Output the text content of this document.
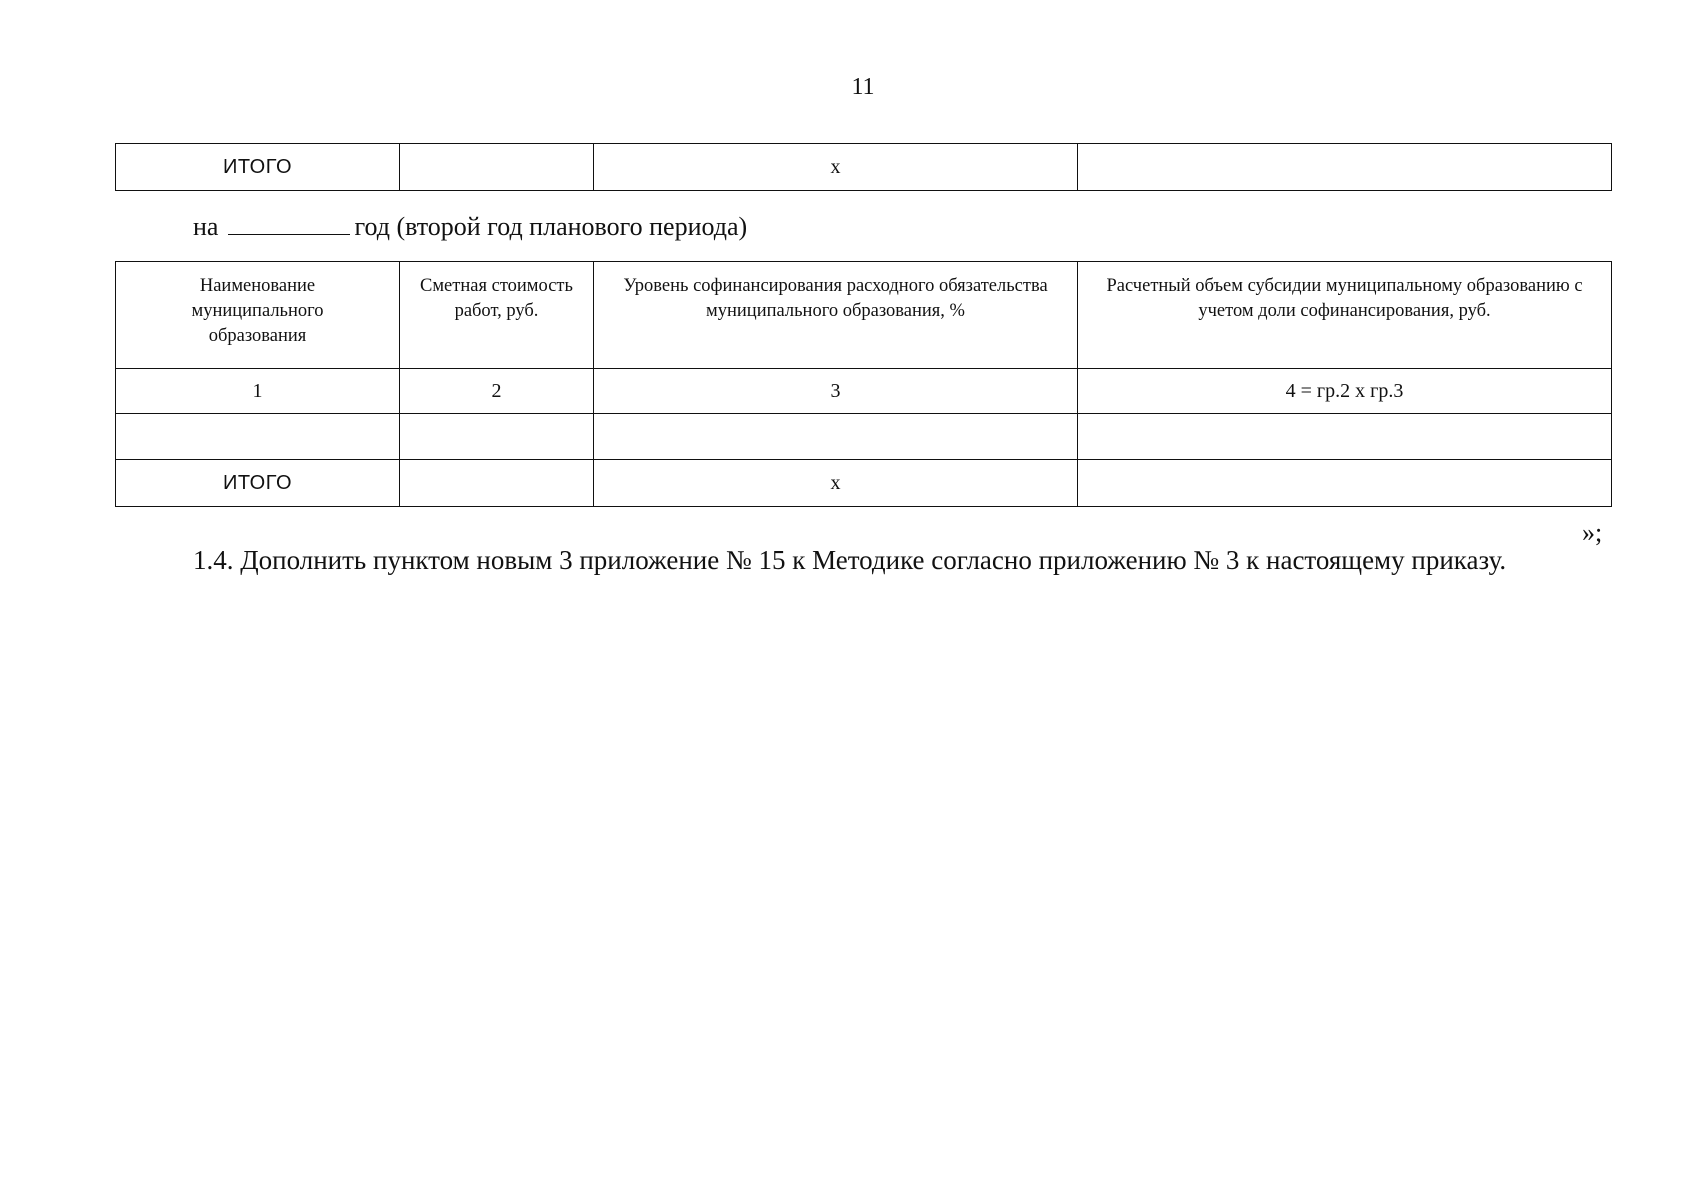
11
ИТОГО		x	
на	год (второй год планового периода)
Наименование муниципального образования	Сметная стоимость работ, руб.	Уровень софинансирования расходного обязательства муниципального образования, %	Расчетный объем субсидии муниципальному образованию с учетом доли софинансирования, руб.
1	2	3	4 = гр.2 x гр.3

ИТОГО		x	
»;
1.4. Дополнить пунктом новым 3 приложение № 15 к Методике согласно приложению № 3 к настоящему приказу.
